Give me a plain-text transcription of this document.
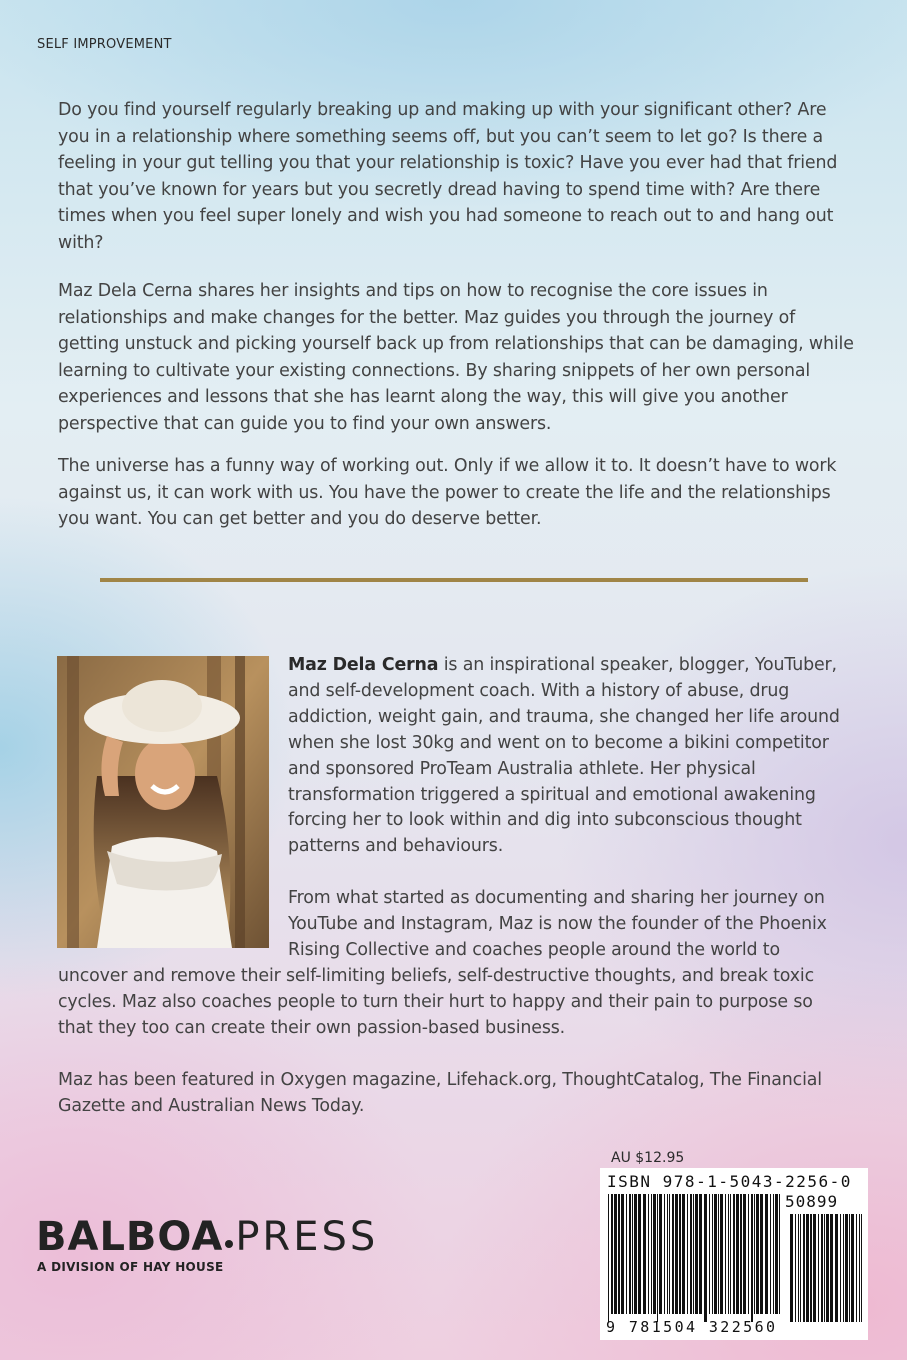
SELF IMPROVEMENT
Do you find yourself regularly breaking up and making up with your significant other? Are you in a relationship where something seems off, but you can’t seem to let go? Is there a feeling in your gut telling you that your relationship is toxic? Have you ever had that friend that you’ve known for years but you secretly dread having to spend time with? Are there times when you feel super lonely and wish you had someone to reach out to and hang out with?
Maz Dela Cerna shares her insights and tips on how to recognise the core issues in relationships and make changes for the better. Maz guides you through the journey of getting unstuck and picking yourself back up from relationships that can be damaging, while learning to cultivate your existing connections. By sharing snippets of her own personal experiences and lessons that she has learnt along the way, this will give you another perspective that can guide you to find your own answers.
The universe has a funny way of working out. Only if we allow it to. It doesn’t have to work against us, it can work with us. You have the power to create the life and the relationships you want. You can get better and you do deserve better.

Maz Dela Cerna is an inspirational speaker, blogger, YouTuber, and self-development coach. With a history of abuse, drug addiction, weight gain, and trauma, she changed her life around when she lost 30kg and went on to become a bikini competitor and sponsored ProTeam Australia athlete. Her physical transformation triggered a spiritual and emotional awakening forcing her to look within and dig into subconscious thought patterns and behaviours.

From what started as documenting and sharing her journey on YouTube and Instagram, Maz is now the founder of the Phoenix Rising Collective and coaches people around the world to uncover and remove their self-limiting beliefs, self-destructive thoughts, and break toxic cycles. Maz also coaches people to turn their hurt to happy and their pain to purpose so that they too can create their own passion-based business.

Maz has been featured in Oxygen magazine, Lifehack.org, ThoughtCatalog, The Financial Gazette and Australian News Today.

AU $12.95
ISBN 978-1-5043-2256-0
50899
9 781504 322560
BALBOA PRESS
A DIVISION OF HAY HOUSE
